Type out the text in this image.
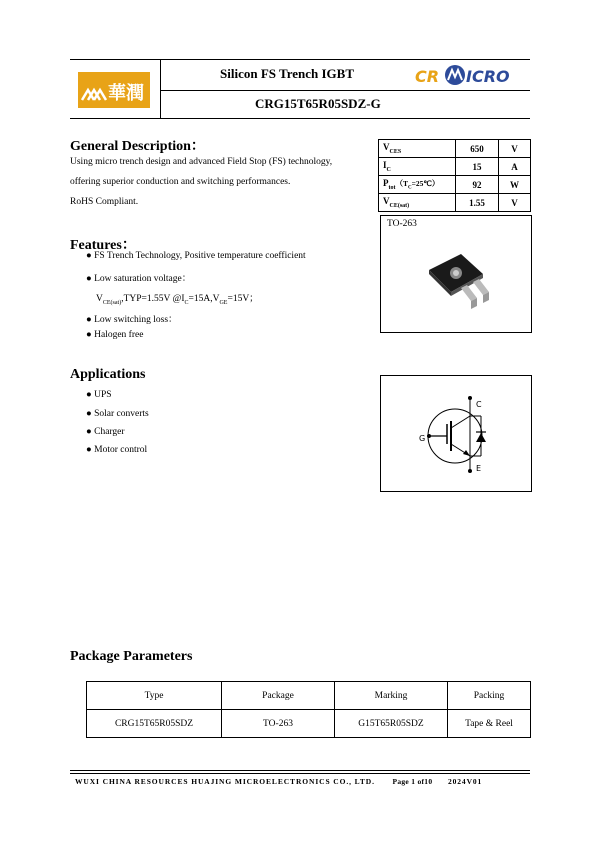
華潤
Silicon FS Trench IGBT	CR ICRO
CRG15T65R05SDZ-G
General Description：
Using micro trench design and advanced Field Stop (FS) technology,
offering superior conduction and switching performances.
RoHS Compliant.
$V_{CES}$	650	V
$I_C$	15	A
$P_{tot}(T_C=25℃)$	92	W
$V_{CE(sat)}$	1.55	V
TO-263
C
G
E
Features：
● FS Trench Technology, Positive temperature coefficient
● Low saturation voltage：
$V_{CE(sat)},TYP=1.55V$ $@I_C=15A,V_{GE}=15V$；
● Low switching loss：
● Halogen free
Applications
● UPS
● Solar converts
● Charger
● Motor control
Package Parameters
Type	Package	Marking	Packing
CRG15T65R05SDZ	TO-263	G15T65R05SDZ	Tape & Reel
WUXI CHINA RESOURCES HUAJING MICROELECTRONICS CO., LTD. Page 1 of10 2024V01
